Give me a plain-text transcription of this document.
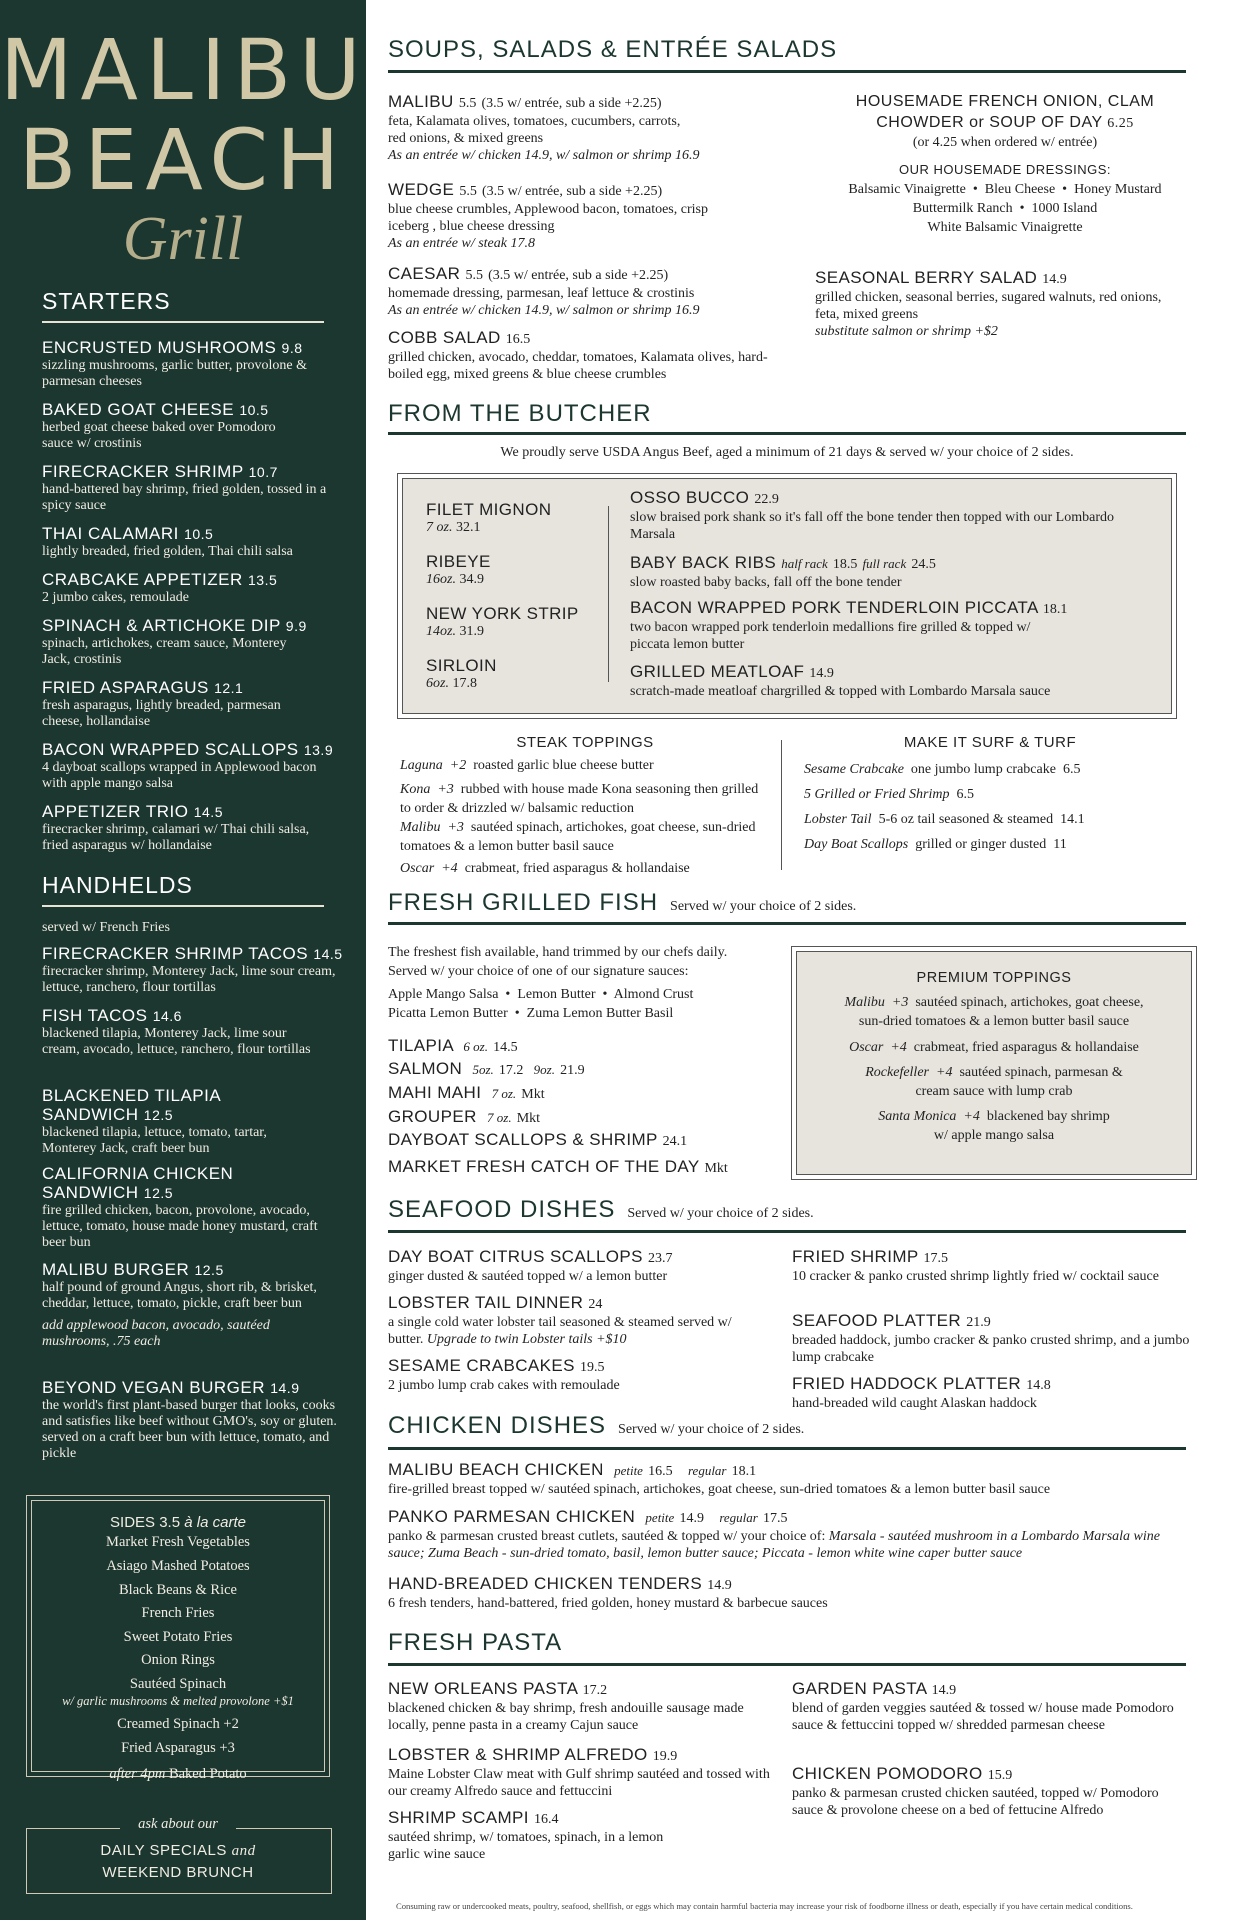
MALIBU
BEACH
Grill
STARTERS
ENCRUSTED MUSHROOMS 9.8
sizzling mushrooms, garlic butter, provolone & parmesan cheeses
BAKED GOAT CHEESE 10.5
herbed goat cheese baked over Pomodoro sauce w/ crostinis
FIRECRACKER SHRIMP 10.7
hand-battered bay shrimp, fried golden, tossed in a spicy sauce
THAI CALAMARI 10.5
lightly breaded, fried golden, Thai chili salsa
CRABCAKE APPETIZER 13.5
2 jumbo cakes, remoulade
SPINACH & ARTICHOKE DIP 9.9
spinach, artichokes, cream sauce, Monterey Jack, crostinis
FRIED ASPARAGUS 12.1
fresh asparagus, lightly breaded, parmesan cheese, hollandaise
BACON WRAPPED SCALLOPS 13.9
4 dayboat scallops wrapped in Applewood bacon with apple mango salsa
APPETIZER TRIO 14.5
firecracker shrimp, calamari w/ Thai chili salsa, fried asparagus w/ hollandaise
HANDHELDS
served w/ French Fries
FIRECRACKER SHRIMP TACOS 14.5
firecracker shrimp, Monterey Jack, lime sour cream, lettuce, ranchero, flour tortillas
FISH TACOS 14.6
blackened tilapia, Monterey Jack, lime sour cream, avocado, lettuce, ranchero, flour tortillas
BLACKENED TILAPIA SANDWICH 12.5
blackened tilapia, lettuce, tomato, tartar, Monterey Jack, craft beer bun
CALIFORNIA CHICKEN SANDWICH 12.5
fire grilled chicken, bacon, provolone, avocado, lettuce, tomato, house made honey mustard, craft beer bun
MALIBU BURGER 12.5
half pound of ground Angus, short rib, & brisket, cheddar, lettuce, tomato, pickle, craft beer bun
add applewood bacon, avocado, sautéed mushrooms, .75 each
BEYOND VEGAN BURGER 14.9
the world's first plant-based burger that looks, cooks and satisfies like beef without GMO's, soy or gluten. served on a craft beer bun with lettuce, tomato, and pickle
SIDES 3.5 à la carte
Market Fresh Vegetables
Asiago Mashed Potatoes
Black Beans & Rice
French Fries
Sweet Potato Fries
Onion Rings
Sautéed Spinach
w/ garlic mushrooms & melted provolone +$1
Creamed Spinach +2
Fried Asparagus +3
after 4pm Baked Potato
ask about our
DAILY SPECIALS and
WEEKEND BRUNCH
SOUPS, SALADS & ENTRÉE SALADS
MALIBU 5.5 (3.5 w/ entrée, sub a side +2.25)
feta, Kalamata olives, tomatoes, cucumbers, carrots, red onions, & mixed greens
As an entrée w/ chicken 14.9, w/ salmon or shrimp 16.9
WEDGE 5.5 (3.5 w/ entrée, sub a side +2.25)
blue cheese crumbles, Applewood bacon, tomatoes, crisp iceberg , blue cheese dressing
As an entrée w/ steak 17.8
CAESAR 5.5 (3.5 w/ entrée, sub a side +2.25)
homemade dressing, parmesan, leaf lettuce & crostinis
As an entrée w/ chicken 14.9, w/ salmon or shrimp 16.9
COBB SALAD 16.5
grilled chicken, avocado, cheddar, tomatoes, Kalamata olives, hard-boiled egg, mixed greens & blue cheese crumbles
HOUSEMADE FRENCH ONION, CLAM
CHOWDER or SOUP OF DAY 6.25
(or 4.25 when ordered w/ entrée)
OUR HOUSEMADE DRESSINGS:
Balsamic Vinaigrette  •  Bleu Cheese  •  Honey Mustard
Buttermilk Ranch  •  1000 Island
White Balsamic Vinaigrette
SEASONAL BERRY SALAD 14.9
grilled chicken, seasonal berries, sugared walnuts, red onions, feta, mixed greens
substitute salmon or shrimp +$2
FROM THE BUTCHER
We proudly serve USDA Angus Beef, aged a minimum of 21 days & served w/ your choice of 2 sides.
FILET MIGNON
7 oz. 32.1
RIBEYE
16oz. 34.9
NEW YORK STRIP
14oz. 31.9
SIRLOIN
6oz. 17.8
OSSO BUCCO 22.9
slow braised pork shank so it's fall off the bone tender then topped with our Lombardo Marsala
BABY BACK RIBS half rack 18.5 full rack 24.5
slow roasted baby backs, fall off the bone tender
BACON WRAPPED PORK TENDERLOIN PICCATA 18.1
two bacon wrapped pork tenderloin medallions fire grilled & topped w/ piccata lemon butter
GRILLED MEATLOAF 14.9
scratch-made meatloaf chargrilled & topped with Lombardo Marsala sauce
STEAK TOPPINGS
Laguna +2 roasted garlic blue cheese butter
Kona +3 rubbed with house made Kona seasoning then grilled to order & drizzled w/ balsamic reduction
Malibu +3 sautéed spinach, artichokes, goat cheese, sun-dried tomatoes & a lemon butter basil sauce
Oscar +4 crabmeat, fried asparagus & hollandaise
MAKE IT SURF & TURF
Sesame Crabcake one jumbo lump crabcake 6.5
5 Grilled or Fried Shrimp 6.5
Lobster Tail 5-6 oz tail seasoned & steamed 14.1
Day Boat Scallops grilled or ginger dusted 11
FRESH GRILLED FISH Served w/ your choice of 2 sides.
The freshest fish available, hand trimmed by our chefs daily.
Served w/ your choice of one of our signature sauces:
Apple Mango Salsa  •  Lemon Butter  •  Almond Crust
Picatta Lemon Butter  •  Zuma Lemon Butter Basil
TILAPIA 6 oz. 14.5
SALMON 5oz. 17.2 9oz. 21.9
MAHI MAHI 7 oz. Mkt
GROUPER 7 oz. Mkt
DAYBOAT SCALLOPS & SHRIMP 24.1
MARKET FRESH CATCH OF THE DAY Mkt
PREMIUM TOPPINGS
Malibu +3 sautéed spinach, artichokes, goat cheese,
sun-dried tomatoes & a lemon butter basil sauce
Oscar +4 crabmeat, fried asparagus & hollandaise
Rockefeller +4 sautéed spinach, parmesan &
cream sauce with lump crab
Santa Monica +4 blackened bay shrimp
w/ apple mango salsa
SEAFOOD DISHES Served w/ your choice of 2 sides.
DAY BOAT CITRUS SCALLOPS 23.7
ginger dusted & sautéed topped w/ a lemon butter
LOBSTER TAIL DINNER 24
a single cold water lobster tail seasoned & steamed served w/ butter. Upgrade to twin Lobster tails +$10
SESAME CRABCAKES 19.5
2 jumbo lump crab cakes with remoulade
FRIED SHRIMP 17.5
10 cracker & panko crusted shrimp lightly fried w/ cocktail sauce
SEAFOOD PLATTER 21.9
breaded haddock, jumbo cracker & panko crusted shrimp, and a jumbo lump crabcake
FRIED HADDOCK PLATTER 14.8
hand-breaded wild caught Alaskan haddock
CHICKEN DISHES Served w/ your choice of 2 sides.
MALIBU BEACH CHICKEN petite 16.5 regular 18.1
fire-grilled breast topped w/ sautéed spinach, artichokes, goat cheese, sun-dried tomatoes & a lemon butter basil sauce
PANKO PARMESAN CHICKEN petite 14.9 regular 17.5
panko & parmesan crusted breast cutlets, sautéed & topped w/ your choice of: Marsala - sautéed mushroom in a Lombardo Marsala wine sauce; Zuma Beach - sun-dried tomato, basil, lemon butter sauce; Piccata - lemon white wine caper butter sauce
HAND-BREADED CHICKEN TENDERS 14.9
6 fresh tenders, hand-battered, fried golden, honey mustard & barbecue sauces
FRESH PASTA
NEW ORLEANS PASTA 17.2
blackened chicken & bay shrimp, fresh andouille sausage made locally, penne pasta in a creamy Cajun sauce
LOBSTER & SHRIMP ALFREDO 19.9
Maine Lobster Claw meat with Gulf shrimp sautéed and tossed with our creamy Alfredo sauce and fettuccini
SHRIMP SCAMPI 16.4
sautéed shrimp, w/ tomatoes, spinach, in a lemon garlic wine sauce
GARDEN PASTA 14.9
blend of garden veggies sautéed & tossed w/ house made Pomodoro sauce & fettuccini topped w/ shredded parmesan cheese
CHICKEN POMODORO 15.9
panko & parmesan crusted chicken sautéed, topped w/ Pomodoro sauce & provolone cheese on a bed of fettucine Alfredo
Consuming raw or undercooked meats, poultry, seafood, shellfish, or eggs which may contain harmful bacteria may increase your risk of foodborne illness or death, especially if you have certain medical conditions.
